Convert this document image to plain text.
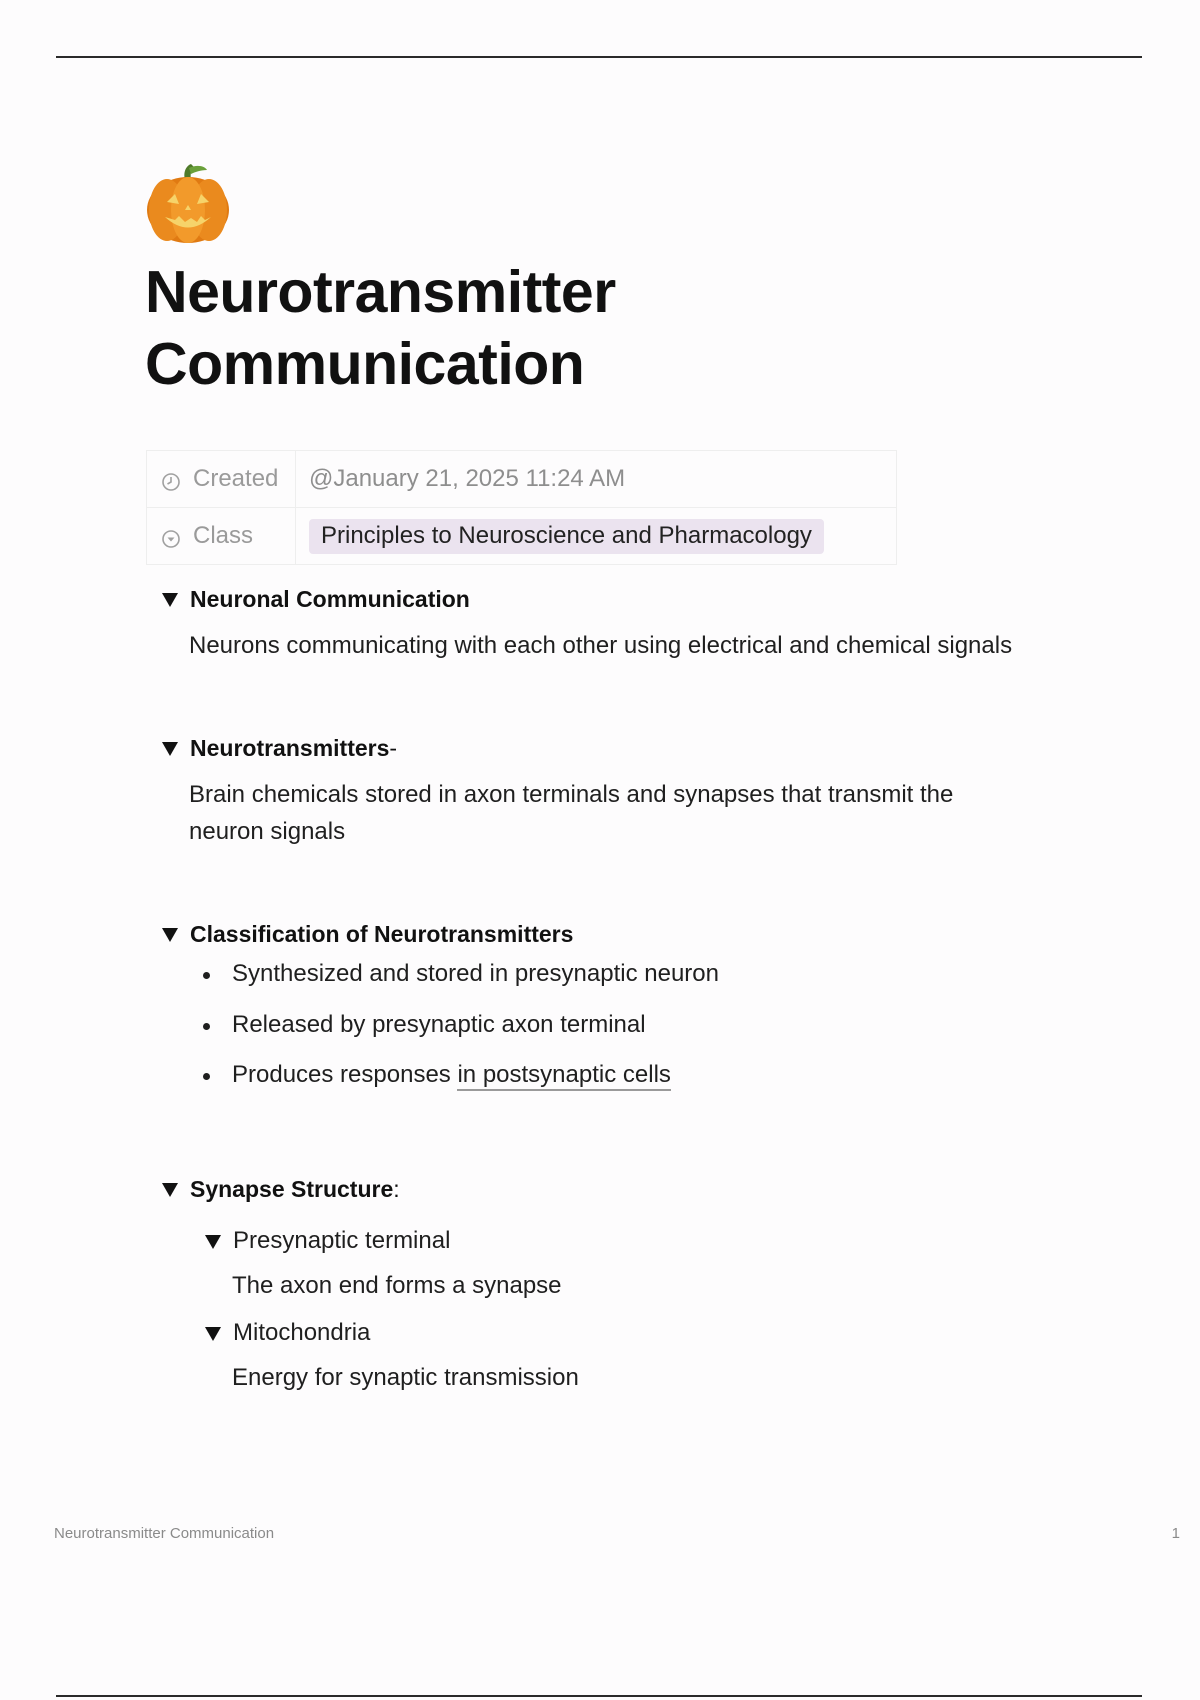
Neurotransmitter Communication
Created	@January 21, 2025 11:24 AM

Class	Principles to Neuroscience and Pharmacology
Neuronal Communication
Neurons communicating with each other using electrical and chemical signals
Neurotransmitters -
Brain chemicals stored in axon terminals and synapses that transmit the neuron signals
Classification of Neurotransmitters
Synthesized and stored in presynaptic neuron
Released by presynaptic axon terminal
Produces responses in postsynaptic cells
Synapse Structure :
Presynaptic terminal
The axon end forms a synapse
Mitochondria
Energy for synaptic transmission
Neurotransmitter Communication	1
